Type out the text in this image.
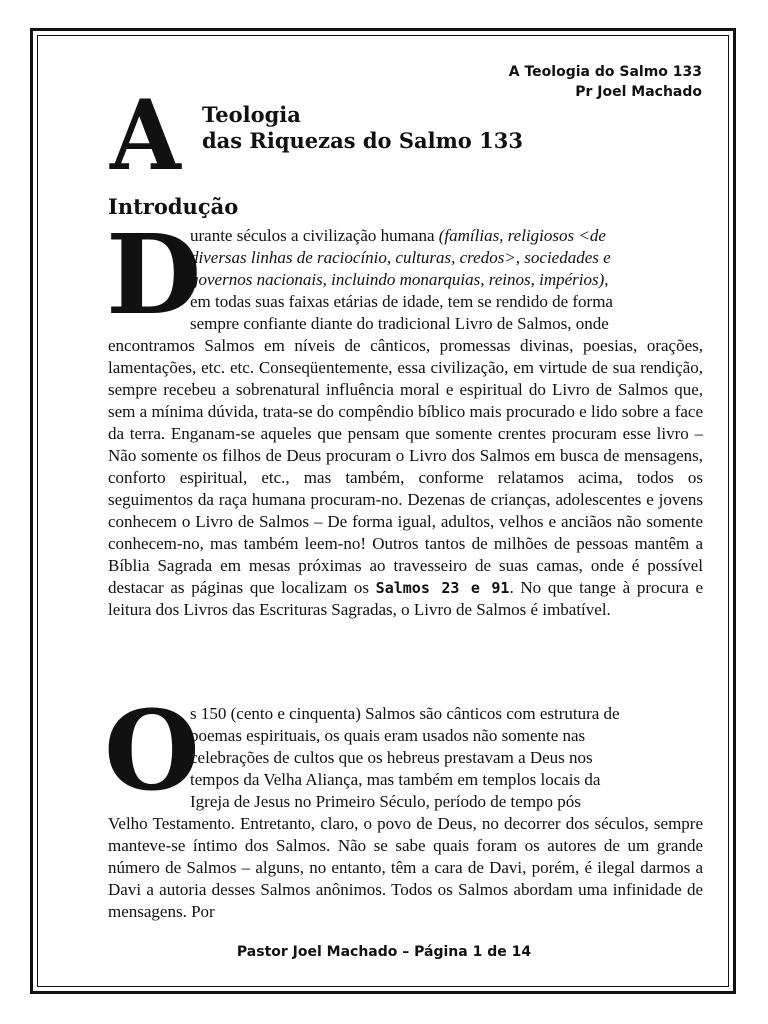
A Teologia do Salmo 133
Pr Joel Machado
A Teologia
das Riquezas do Salmo 133
Introdução
D
urante séculos a civilização humana (famílias, religiosos <de
diversas linhas de raciocínio, culturas, credos>, sociedades e
governos nacionais, incluindo monarquias, reinos, impérios),
em todas suas faixas etárias de idade, tem se rendido de forma
sempre confiante diante do tradicional Livro de Salmos, onde
encontramos Salmos em níveis de cânticos, promessas divinas, poesias, orações, lamentações, etc. etc. Conseqüentemente, essa civilização, em virtude de sua rendição, sempre recebeu a sobrenatural influência moral e espiritual do Livro de Salmos que, sem a mínima dúvida, trata-se do compêndio bíblico mais procurado e lido sobre a face da terra. Enganam-se aqueles que pensam que somente crentes procuram esse livro – Não somente os filhos de Deus procuram o Livro dos Salmos em busca de mensagens, conforto espiritual, etc., mas também, conforme relatamos acima, todos os seguimentos da raça humana procuram-no. Dezenas de crianças, adolescentes e jovens conhecem o Livro de Salmos – De forma igual, adultos, velhos e anciãos não somente conhecem-no, mas também leem-no! Outros tantos de milhões de pessoas mantêm a Bíblia Sagrada em mesas próximas ao travesseiro de suas camas, onde é possível destacar as páginas que localizam os Salmos 23 e 91. No que tange à procura e leitura dos Livros das Escrituras Sagradas, o Livro de Salmos é imbatível.
O
s 150 (cento e cinquenta) Salmos são cânticos com estrutura de
poemas espirituais, os quais eram usados não somente nas
celebrações de cultos que os hebreus prestavam a Deus nos
tempos da Velha Aliança, mas também em templos locais da
Igreja de Jesus no Primeiro Século, período de tempo pós
Velho Testamento. Entretanto, claro, o povo de Deus, no decorrer dos séculos, sempre manteve-se íntimo dos Salmos. Não se sabe quais foram os autores de um grande número de Salmos – alguns, no entanto, têm a cara de Davi, porém, é ilegal darmos a Davi a autoria desses Salmos anônimos. Todos os Salmos abordam uma infinidade de mensagens. Por
Pastor Joel Machado – Página 1 de 14
